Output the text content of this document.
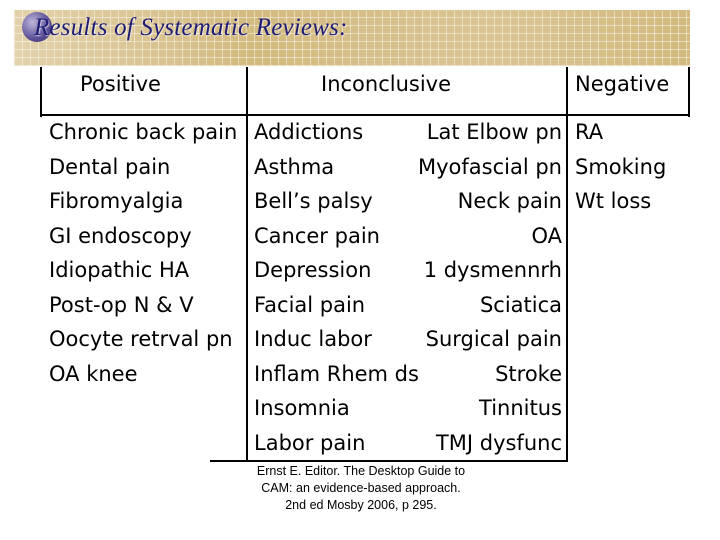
Results of Systematic Reviews:
Positive	Inconclusive	Negative
Chronic back pain
Dental pain
Fibromyalgia
GI endoscopy
Idiopathic HA
Post-op N & V
Oocyte retrval pn
OA knee
Addictions
Asthma
Bell’s palsy
Cancer pain
Depression
Facial pain
Induc labor
Inflam Rhem ds
Insomnia
Labor pain
Lat Elbow pn
Myofascial pn
Neck pain
OA
1 dysmennrh
Sciatica
Surgical pain
Stroke
Tinnitus
TMJ dysfunc
RA
Smoking
Wt loss
Ernst E. Editor. The Desktop Guide to CAM: an evidence-based approach. 2nd ed Mosby 2006, p 295.
